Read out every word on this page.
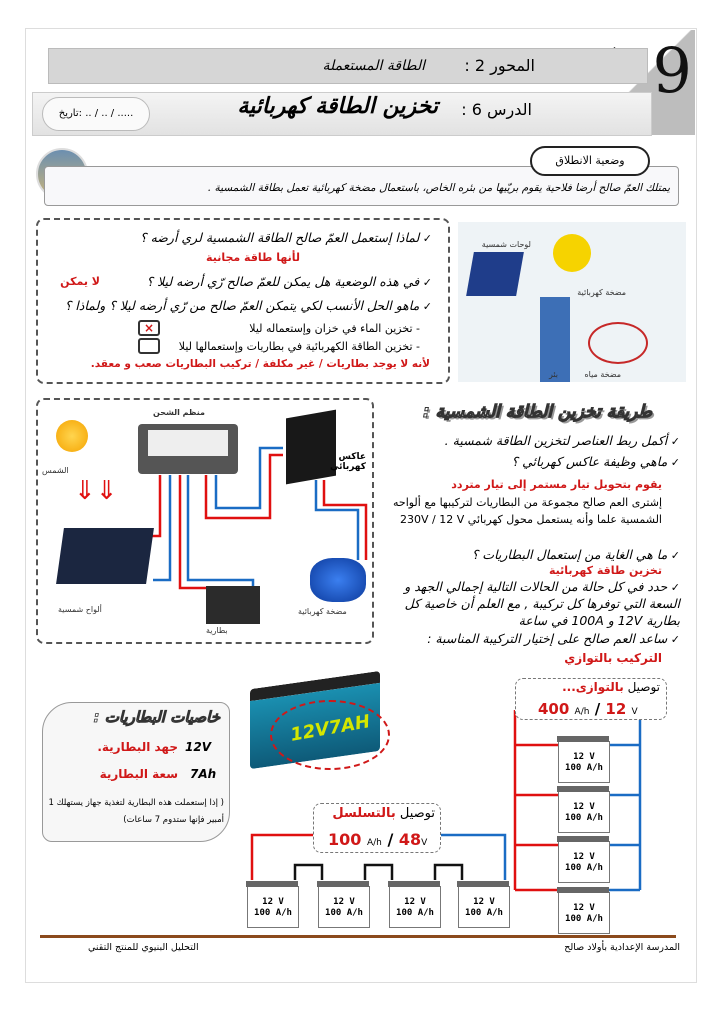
9
المحور 2 :
الطاقة المستعملة
الدرس 6 :
تخزين الطاقة كهربائية
تاريخ: .. / .. / .....
يمتلك العمّ صالح أرضا فلاحية يقوم بريّيها من بئره الخاص، باستعمال مضخة كهربائية تعمل بطاقة الشمسية .
وضعية الانطلاق
✓ لماذا إستعمل العمّ صالح الطاقة الشمسية لري أرضه ؟
لأنها طاقة مجانية
✓ في هذه الوضعية هل يمكن للعمّ صالح رّي أرضه ليلا ؟
لا يمكن
✓ ماهو الحل الأنسب لكي يتمكن العمّ صالح من رّي أرضه ليلا ؟ ولماذا ؟
- تخزين الماء في خزان وإستعماله ليلا
×
- تخزين الطاقة الكهربائية في بطاريات وإستعمالها ليلا
لأنه لا يوجد بطاريات / غير مكلفة / تركيب البطاريات صعب و معقد.
لوحات شمسية
مضخة كهربائية
مضخة مياه
بئر
⇓⇓
منظم الشحن
الشمس
عاكس كهربائي
ألواح شمسية
بطارية
مضخة كهربائية
طريقة تخزين الطاقة الشمسية :
✓ أكمل ربط العناصر لتخزين الطاقة شمسية .
✓ ماهي وظيفة عاكس كهربائي ؟
يقوم بتحويل تيار مستمر إلى تيار متردد
إشترى العم صالح مجموعة من البطاريات لتركيبها مع ألواحه الشمسية علما وأنه يستعمل محول كهربائي 230V / 12 V
✓ ما هي الغاية من إستعمال البطاريات ؟
تخزين طاقة كهربائية
✓ حدد في كل حالة من الحالات التالية إجمالي الجهد و السعة التي توفرها كل تركيبة , مع العلم أن خاصية كل بطارية 12V و 100A في ساعة
✓ ساعد العم صالح على إختيار التركيبة المناسبة :
التركيب بالتوازي
خاصيات البطاريات :
جهد البطارية. 12V
سعة البطارية 7Ah
( إذا إستعملت هذه البطارية لتغذية جهاز يستهلك 1 أمبير فإنها ستدوم 7 ساعات)
12V7AH
توصيل بالتسلسل
100 A/h / 48V
توصيل بالتوازى...
400 A/h / 12 V
12 V
100 A/h
12 V
100 A/h
12 V
100 A/h
12 V
100 A/h
12 V
100 A/h
12 V
100 A/h
12 V
100 A/h
12 V
100 A/h
المدرسة الإعدادية بأولاد صالح
التحليل البنيوي للمنتج التقني
